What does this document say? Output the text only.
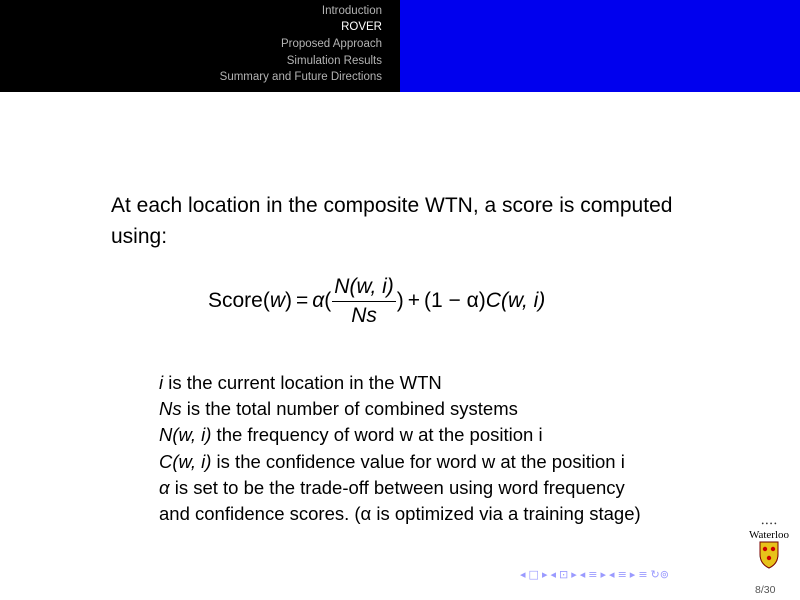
Introduction
ROVER
Proposed Approach
Simulation Results
Summary and Future Directions
At each location in the composite WTN, a score is computed using:
Score ( w ) = α ( $\frac{N(w, i)}{Ns}$ ) + (1 − α) C(w, i)
i is the current location in the WTN
Ns is the total number of combined systems
N(w, i) the frequency of word w at the position i
C(w, i) is the confidence value for word w at the position i
α is set to be the trade-off between using word frequency
and confidence scores. (α is optimized via a training stage)	• • • •
Waterloo
◂ □ ▸ ◂ ⊡ ▸ ◂ ≡ ▸ ◂ ≡ ▸ ≡ ↻⊚
8/30
